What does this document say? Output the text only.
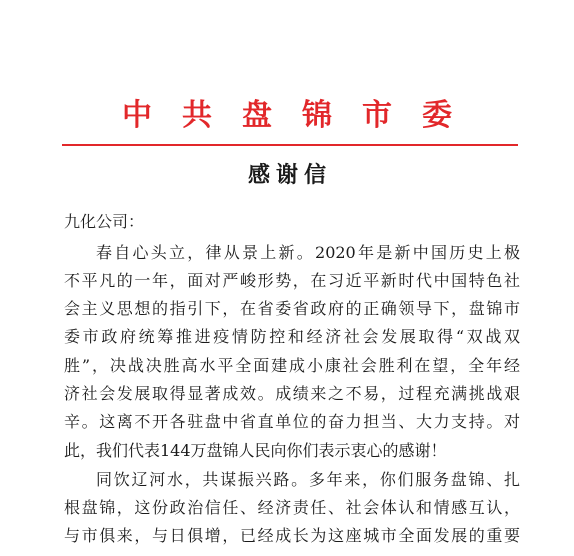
中共盘锦市委
感谢信
九化公司：
春自心头立，律从景上新。2020年是新中国历史上极
不平凡的一年，面对严峻形势，在习近平新时代中国特色社
会主义思想的指引下，在省委省政府的正确领导下，盘锦市
委市政府统筹推进疫情防控和经济社会发展取得“双战双
胜”，决战决胜高水平全面建成小康社会胜利在望，全年经
济社会发展取得显著成效。成绩来之不易，过程充满挑战艰
辛。这离不开各驻盘中省直单位的奋力担当、大力支持。对
此，我们代表144万盘锦人民向你们表示衷心的感谢！
同饮辽河水，共谋振兴路。多年来，你们服务盘锦、扎
根盘锦，这份政治信任、经济责任、社会体认和情感互认，
与市俱来，与日俱增，已经成长为这座城市全面发展的重要
